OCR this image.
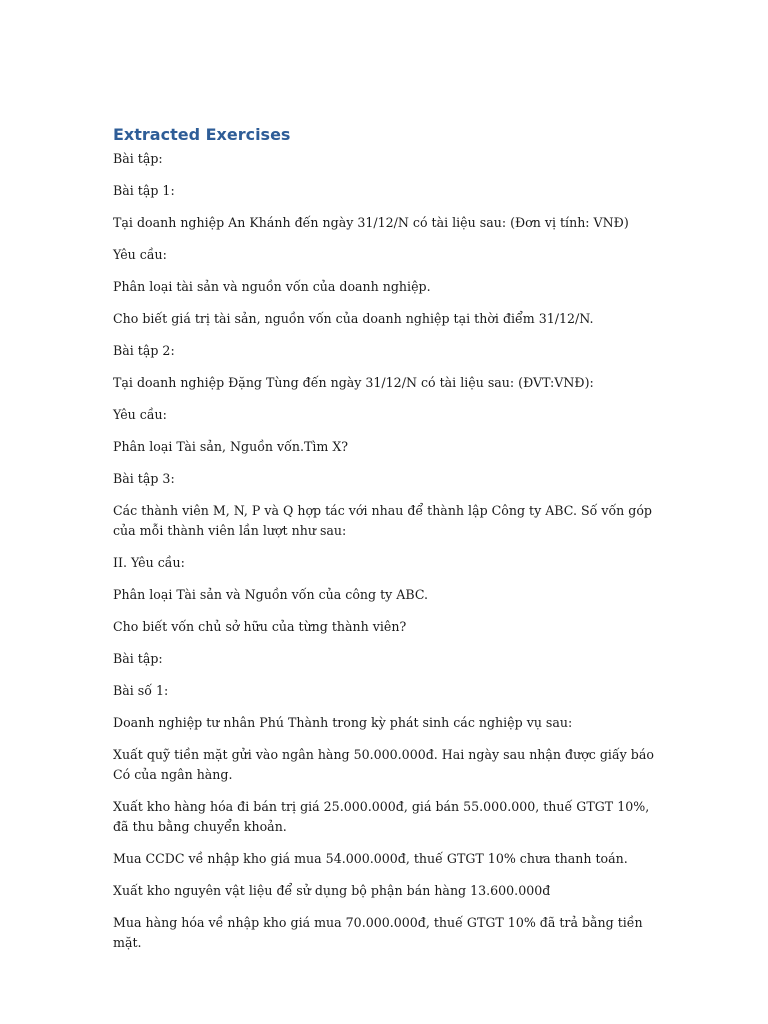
Extracted Exercises

Bài tập:

Bài tập 1:

Tại doanh nghiệp An Khánh đến ngày 31/12/N có tài liệu sau: (Đơn vị tính: VNĐ)

Yêu cầu:

Phân loại tài sản và nguồn vốn của doanh nghiệp.

Cho biết giá trị tài sản, nguồn vốn của doanh nghiệp tại thời điểm 31/12/N.

Bài tập 2:

Tại doanh nghiệp Đặng Tùng đến ngày 31/12/N có tài liệu sau: (ĐVT:VNĐ):

Yêu cầu:

Phân loại Tài sản, Nguồn vốn.Tìm X?

Bài tập 3:

Các thành viên M, N, P và Q hợp tác với nhau để thành lập Công ty ABC. Số vốn góp của mỗi thành viên lần lượt như sau:

II. Yêu cầu:

Phân loại Tài sản và Nguồn vốn của công ty ABC.

Cho biết vốn chủ sở hữu của từng thành viên?

Bài tập:

Bài số 1:

Doanh nghiệp tư nhân Phú Thành trong kỳ phát sinh các nghiệp vụ sau:

Xuất quỹ tiền mặt gửi vào ngân hàng 50.000.000đ. Hai ngày sau nhận được giấy báo Có của ngân hàng.

Xuất kho hàng hóa đi bán trị giá 25.000.000đ, giá bán 55.000.000, thuế GTGT 10%, đã thu bằng chuyển khoản.

Mua CCDC về nhập kho giá mua 54.000.000đ, thuế GTGT 10% chưa thanh toán.

Xuất kho nguyên vật liệu để sử dụng bộ phận bán hàng 13.600.000đ

Mua hàng hóa về nhập kho giá mua 70.000.000đ, thuế GTGT 10% đã trả bằng tiền mặt.
